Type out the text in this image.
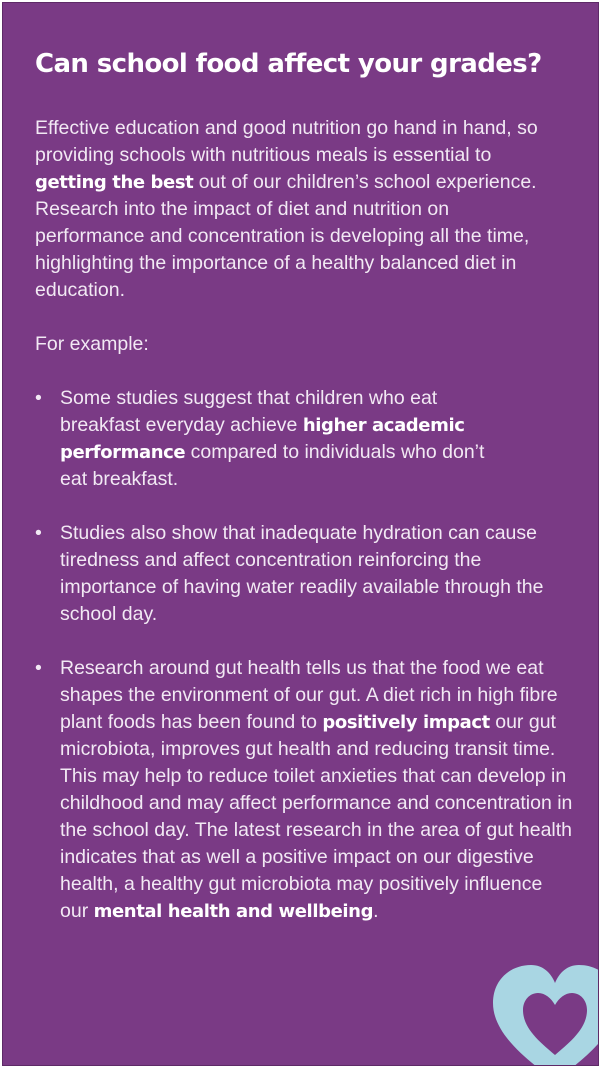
Can school food affect your grades?

Effective education and good nutrition go hand in hand, so providing schools with nutritious meals is essential to getting the best out of our children’s school experience. Research into the impact of diet and nutrition on performance and concentration is developing all the time, highlighting the importance of a healthy balanced diet in education.

For example:

• Some studies suggest that children who eat breakfast everyday achieve higher academic performance compared to individuals who don’t eat breakfast.
• Studies also show that inadequate hydration can cause tiredness and affect concentration reinforcing the importance of having water readily available through the school day.
• Research around gut health tells us that the food we eat shapes the environment of our gut. A diet rich in high fibre plant foods has been found to positively impact our gut microbiota, improves gut health and reducing transit time. This may help to reduce toilet anxieties that can develop in childhood and may affect performance and concentration in the school day. The latest research in the area of gut health indicates that as well a positive impact on our digestive health, a healthy gut microbiota may positively influence our mental health and wellbeing.
